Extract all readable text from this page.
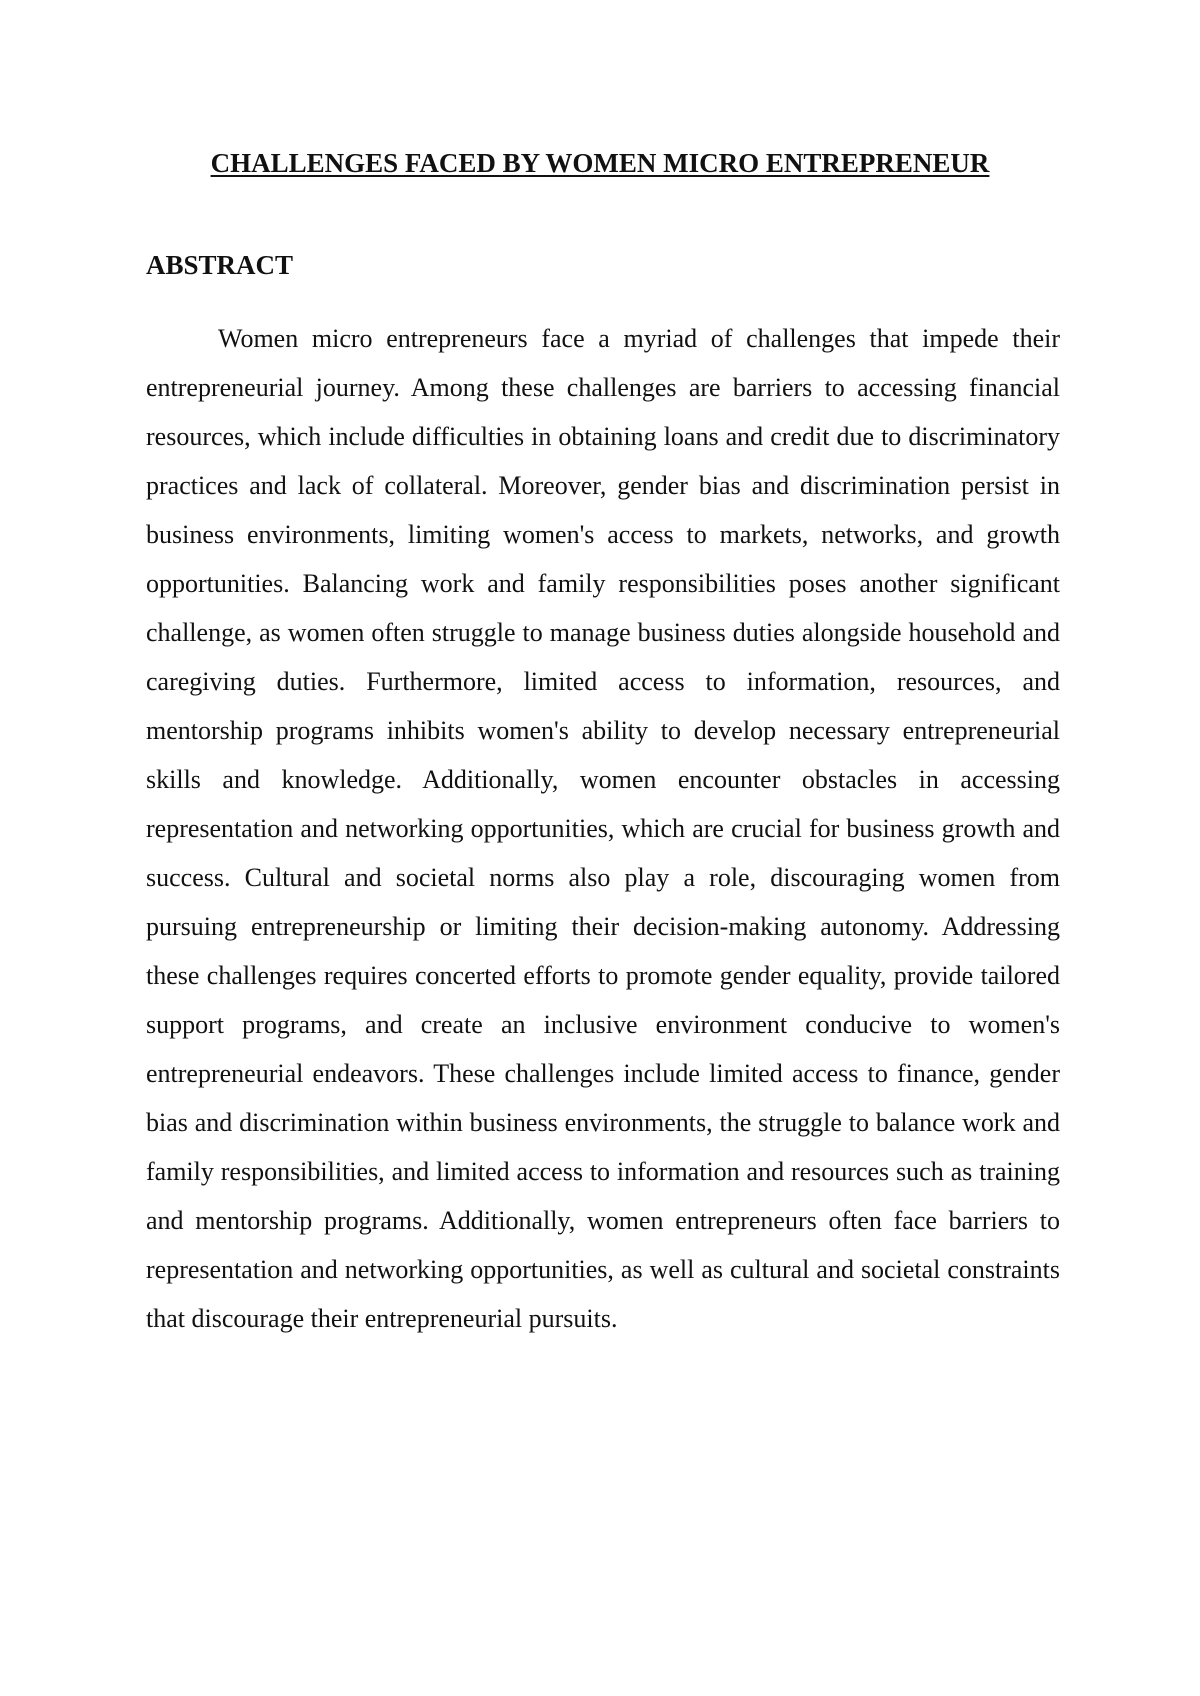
CHALLENGES FACED BY WOMEN MICRO ENTREPRENEUR
ABSTRACT

Women micro entrepreneurs face a myriad of challenges that impede their entrepreneurial journey. Among these challenges are barriers to accessing financial resources, which include difficulties in obtaining loans and credit due to discriminatory practices and lack of collateral. Moreover, gender bias and discrimination persist in business environments, limiting women's access to markets, networks, and growth opportunities. Balancing work and family responsibilities poses another significant challenge, as women often struggle to manage business duties alongside household and caregiving duties. Furthermore, limited access to information, resources, and mentorship programs inhibits women's ability to develop necessary entrepreneurial skills and knowledge. Additionally, women encounter obstacles in accessing representation and networking opportunities, which are crucial for business growth and success. Cultural and societal norms also play a role, discouraging women from pursuing entrepreneurship or limiting their decision-making autonomy. Addressing these challenges requires concerted efforts to promote gender equality, provide tailored support programs, and create an inclusive environment conducive to women's entrepreneurial endeavors. These challenges include limited access to finance, gender bias and discrimination within business environments, the struggle to balance work and family responsibilities, and limited access to information and resources such as training and mentorship programs. Additionally, women entrepreneurs often face barriers to representation and networking opportunities, as well as cultural and societal constraints that discourage their entrepreneurial pursuits.
